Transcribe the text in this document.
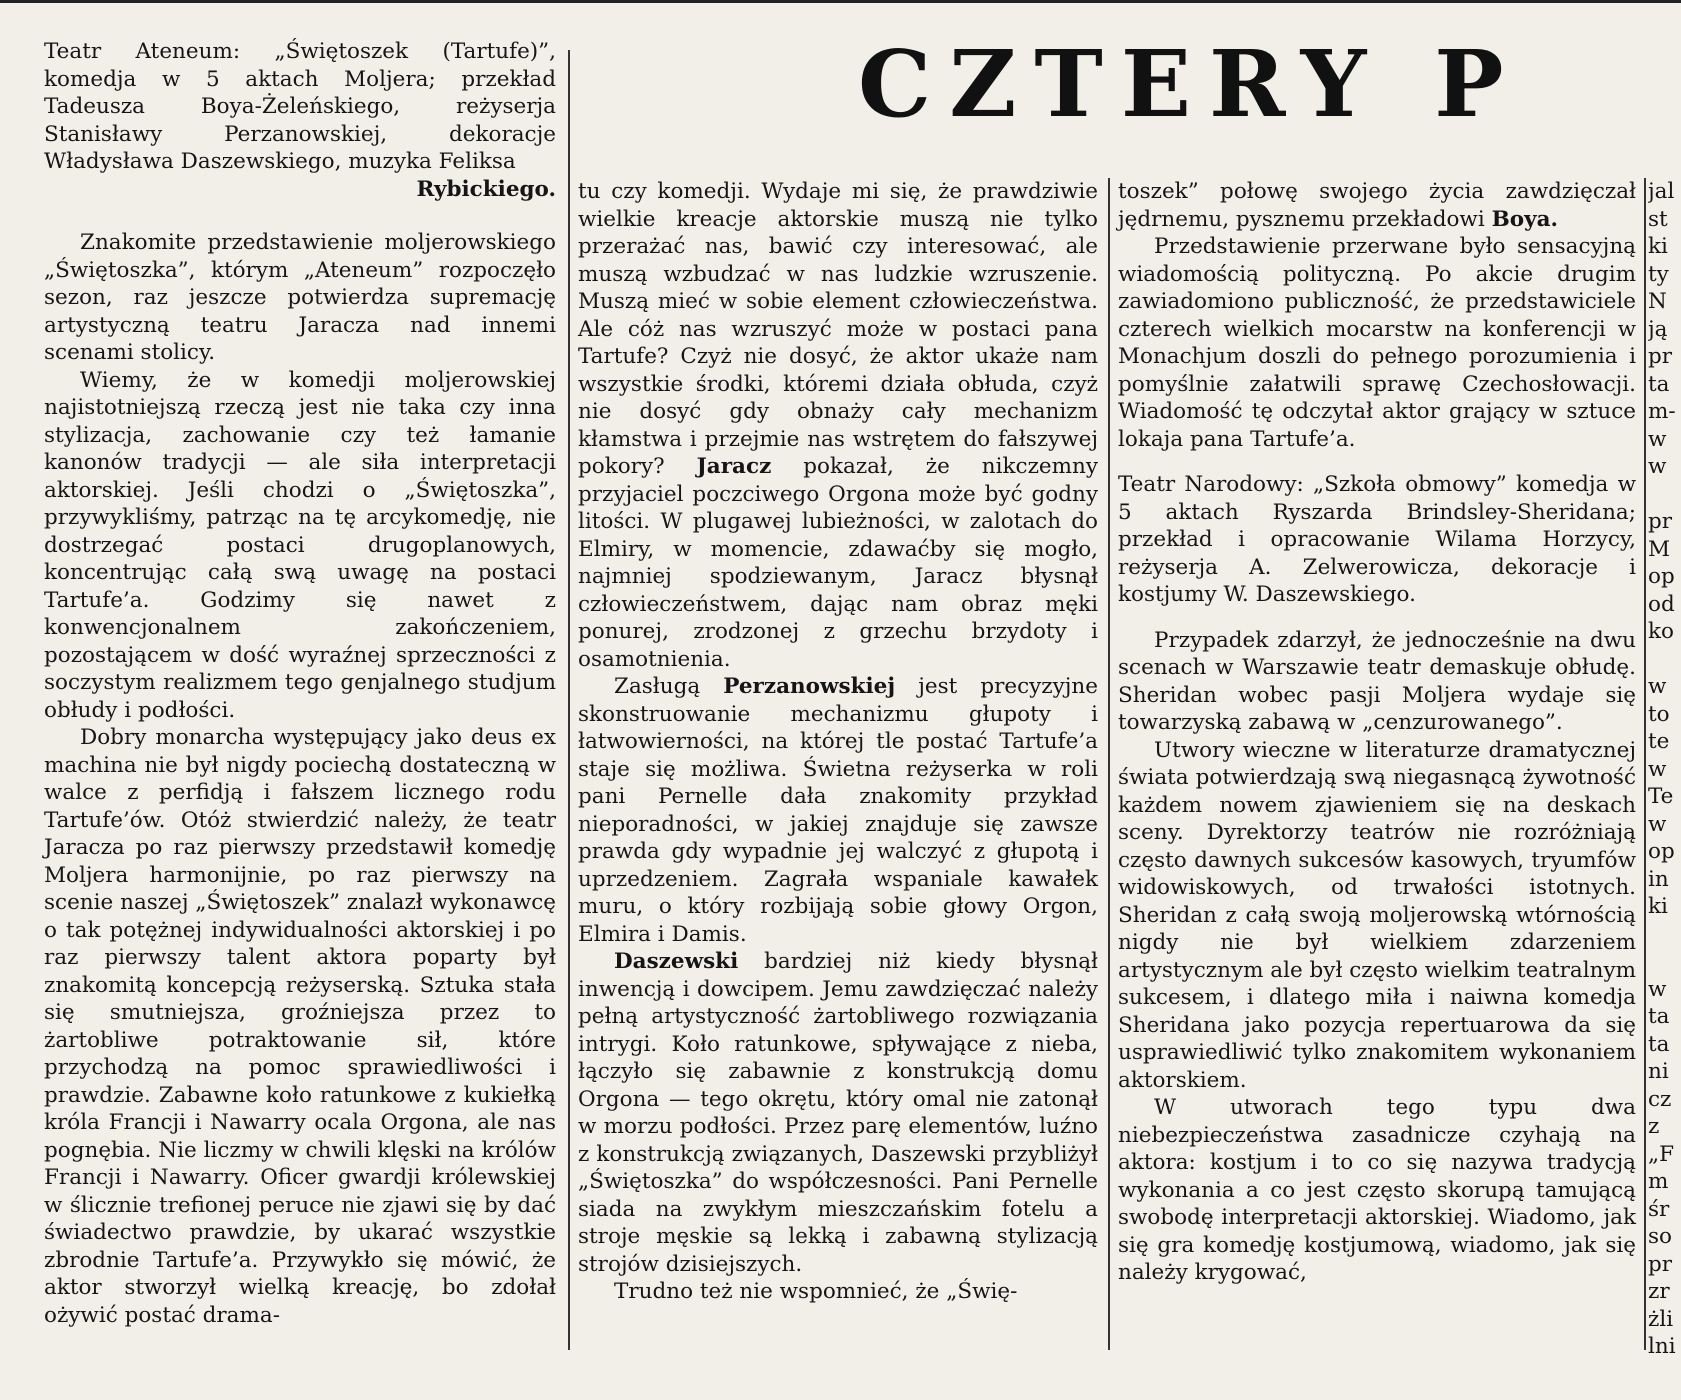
CZTERY P

Teatr Ateneum: „Świętoszek (Tartufe)”, komedja w 5 aktach Moljera; przekład Tadeusza Boya-Żeleńskiego, reżyserja Stanisławy Perzanowskiej, dekoracje Władysława Daszewskiego, muzyka Feliksa
Rybickiego.

Znakomite przedstawienie moljerowskiego „Świętoszka”, którym „Ateneum” rozpoczęło sezon, raz jeszcze potwierdza supremację artystyczną teatru Jaracza nad innemi scenami stolicy.

Wiemy, że w komedji moljerowskiej najistotniejszą rzeczą jest nie taka czy inna stylizacja, zachowanie czy też łamanie kanonów tradycji — ale siła interpretacji aktorskiej. Jeśli chodzi o „Świętoszka”, przywykliśmy, patrząc na tę arcykomedję, nie dostrzegać postaci drugoplanowych, koncentrując całą swą uwagę na postaci Tartufe’a. Godzimy się nawet z konwencjonalnem zakończeniem, pozostającem w dość wyraźnej sprzeczności z soczystym realizmem tego genjalnego studjum obłudy i podłości.

Dobry monarcha występujący jako deus ex machina nie był nigdy pociechą dostateczną w walce z perfidją i fałszem licznego rodu Tartufe’ów. Otóż stwierdzić należy, że teatr Jaracza po raz pierwszy przedstawił komedję Moljera harmonijnie, po raz pierwszy na scenie naszej „Świętoszek” znalazł wykonawcę o tak potężnej indywidualności aktorskiej i po raz pierwszy talent aktora poparty był znakomitą koncepcją reżyserską. Sztuka stała się smutniejsza, groźniejsza przez to żartobliwe potraktowanie sił, które przychodzą na pomoc sprawiedliwości i prawdzie. Zabawne koło ratunkowe z kukiełką króla Francji i Nawarry ocala Orgona, ale nas pognębia. Nie liczmy w chwili klęski na królów Francji i Nawarry. Oficer gwardji królewskiej w ślicznie trefionej peruce nie zjawi się by dać świadectwo prawdzie, by ukarać wszystkie zbrodnie Tartufe’a. Przywykło się mówić, że aktor stworzył wielką kreację, bo zdołał ożywić postać drama-

tu czy komedji. Wydaje mi się, że prawdziwie wielkie kreacje aktorskie muszą nie tylko przerażać nas, bawić czy interesować, ale muszą wzbudzać w nas ludzkie wzruszenie. Muszą mieć w sobie element człowieczeństwa. Ale cóż nas wzruszyć może w postaci pana Tartufe? Czyż nie dosyć, że aktor ukaże nam wszystkie środki, któremi działa obłuda, czyż nie dosyć gdy obnaży cały mechanizm kłamstwa i przejmie nas wstrętem do fałszywej pokory? Jaracz pokazał, że nikczemny przyjaciel poczciwego Orgona może być godny litości. W plugawej lubieżności, w zalotach do Elmiry, w momencie, zdawaćby się mogło, najmniej spodziewanym, Jaracz błysnął człowieczeństwem, dając nam obraz męki ponurej, zrodzonej z grzechu brzydoty i osamotnienia.

Zasługą Perzanowskiej jest precyzyjne skonstruowanie mechanizmu głupoty i łatwowierności, na której tle postać Tartufe’a staje się możliwa. Świetna reżyserka w roli pani Pernelle dała znakomity przykład nieporadności, w jakiej znajduje się zawsze prawda gdy wypadnie jej walczyć z głupotą i uprzedzeniem. Zagrała wspaniale kawałek muru, o który rozbijają sobie głowy Orgon, Elmira i Damis.

Daszewski bardziej niż kiedy błysnął inwencją i dowcipem. Jemu zawdzięczać należy pełną artystyczność żartobliwego rozwiązania intrygi. Koło ratunkowe, spływające z nieba, łączyło się zabawnie z konstrukcją domu Orgona — tego okrętu, który omal nie zatonął w morzu podłości. Przez parę elementów, luźno z konstrukcją związanych, Daszewski przybliżył „Świętoszka” do współczesności. Pani Pernelle siada na zwykłym mieszczańskim fotelu a stroje męskie są lekką i zabawną stylizacją strojów dzisiejszych.

Trudno też nie wspomnieć, że „Świę-

toszek” połowę swojego życia zawdzięczał jędrnemu, pysznemu przekładowi Boya.

Przedstawienie przerwane było sensacyjną wiadomością polityczną. Po akcie drugim zawiadomiono publiczność, że przedstawiciele czterech wielkich mocarstw na konferencji w Monachjum doszli do pełnego porozumienia i pomyślnie załatwili sprawę Czechosłowacji. Wiadomość tę odczytał aktor grający w sztuce lokaja pana Tartufe’a.

Teatr Narodowy: „Szkoła obmowy” komedja w 5 aktach Ryszarda Brindsley-Sheridana; przekład i opracowanie Wilama Horzycy, reżyserja A. Zelwerowicza, dekoracje i kostjumy W. Daszewskiego.

Przypadek zdarzył, że jednocześnie na dwu scenach w Warszawie teatr demaskuje obłudę. Sheridan wobec pasji Moljera wydaje się towarzyską zabawą w „cenzurowanego”.

Utwory wieczne w literaturze dramatycznej świata potwierdzają swą niegasnącą żywotność każdem nowem zjawieniem się na deskach sceny. Dyrektorzy teatrów nie rozróżniają często dawnych sukcesów kasowych, tryumfów widowiskowych, od trwałości istotnych. Sheridan z całą swoją moljerowską wtórnością nigdy nie był wielkiem zdarzeniem artystycznym ale był często wielkim teatralnym sukcesem, i dlatego miła i naiwna komedja Sheridana jako pozycja repertuarowa da się usprawiedliwić tylko znakomitem wykonaniem aktorskiem.

W utworach tego typu dwa niebezpieczeństwa zasadnicze czyhają na aktora: kostjum i to co się nazywa tradycją wykonania a co jest często skorupą tamującą swobodę interpretacji aktorskiej. Wiadomo, jak się gra komedję kostjumową, wiadomo, jak się należy krygować,

jal
st
ki
ty
N
ją
pr
ta
m-
w
w
pr
M
op
od
ko
w
to
te
w
Te
w
op
in
ki
w
ta
ta
ni
cz
z
„F
m
śr
so
pr
zr
żli
lni
